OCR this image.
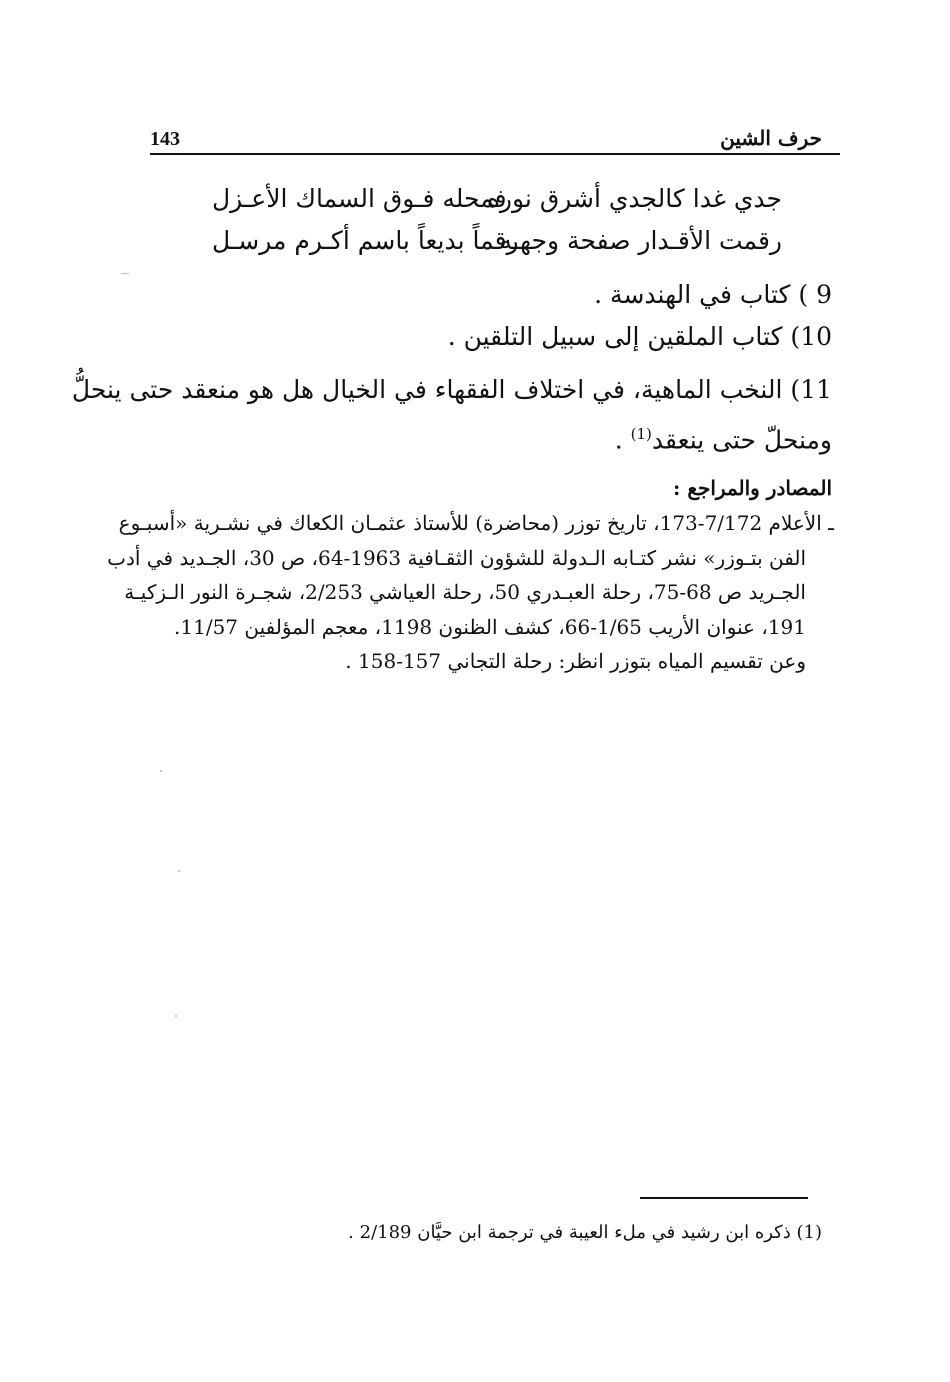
143	حرف الشين
جدي غدا كالجدي أشرق نوره
فمحله فـوق السماك الأعـزل
رقمت الأقـدار صفحة وجهـه
رقماً بديعاً باسم أكـرم مرسـل
9 ) كتاب في الهندسة .
10) كتاب الملقين إلى سبيل التلقين .
11) النخب الماهية، في اختلاف الفقهاء في الخيال هل هو منعقد حتى ينحلُّ
ومنحلّ حتى ينعقد$^{(1)}$ .
المصادر والمراجع :
ـ الأعلام 7/172-173، تاريخ توزر (محاضرة) للأستاذ عثمـان الكعاك في نشـرية «أسبـوع
الفن بتـوزر» نشر كتـابه الـدولة للشؤون الثقـافية 1963-64، ص 30، الجـديد في أدب
الجـريد ص 68-75، رحلة العبـدري 50، رحلة العياشي 2/253، شجـرة النور الـزكيـة
191، عنوان الأريب 1/65-66، كشف الظنون 1198، معجم المؤلفين 11/57.
وعن تقسيم المياه بتوزر انظر: رحلة التجاني 157-158 .
(1) ذكره ابن رشيد في ملء العيبة في ترجمة ابن حيَّان 2/189 .
